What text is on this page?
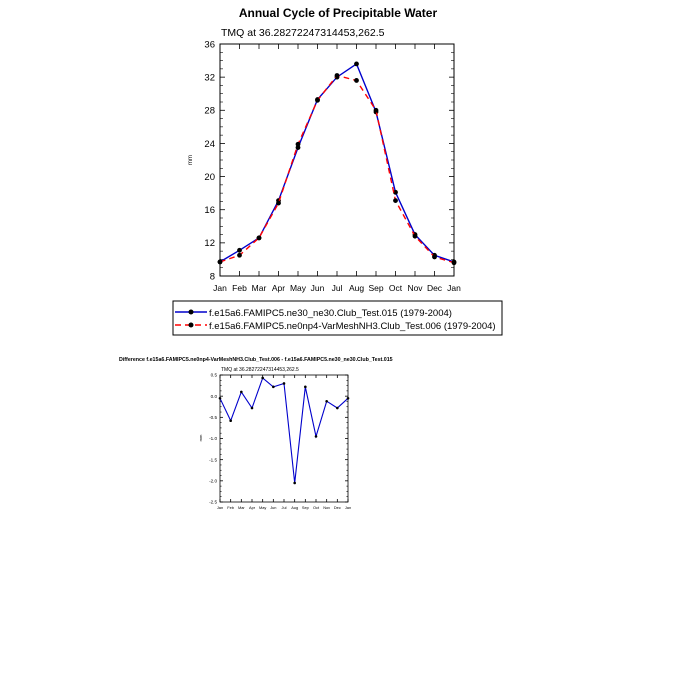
Annual Cycle of Precipitable Water
TMQ at 36.28272247314453,262.5
mm
Jan Feb Mar Apr May Jun Jul Aug Sep Oct Nov Dec Jan
8
12
16
20
24
28
32
36
f.e15a6.FAMIPC5.ne30_ne30.Club_Test.015 (1979-2004)
f.e15a6.FAMIPC5.ne0np4-VarMeshNH3.Club_Test.006 (1979-2004)
Difference f.e15a6.FAMIPC5.ne0np4-VarMeshNH3.Club_Test.006 - f.e15a6.FAMIPC5.ne30_ne30.Club_Test.015
TMQ at 36.28272247314453,262.5
mm
Jan Feb Mar Apr May Jun Jul Aug Sep Oct Nov Dec Jan
-2.5
-2.0
-1.5
-1.0
-0.5
0.0
0.5
